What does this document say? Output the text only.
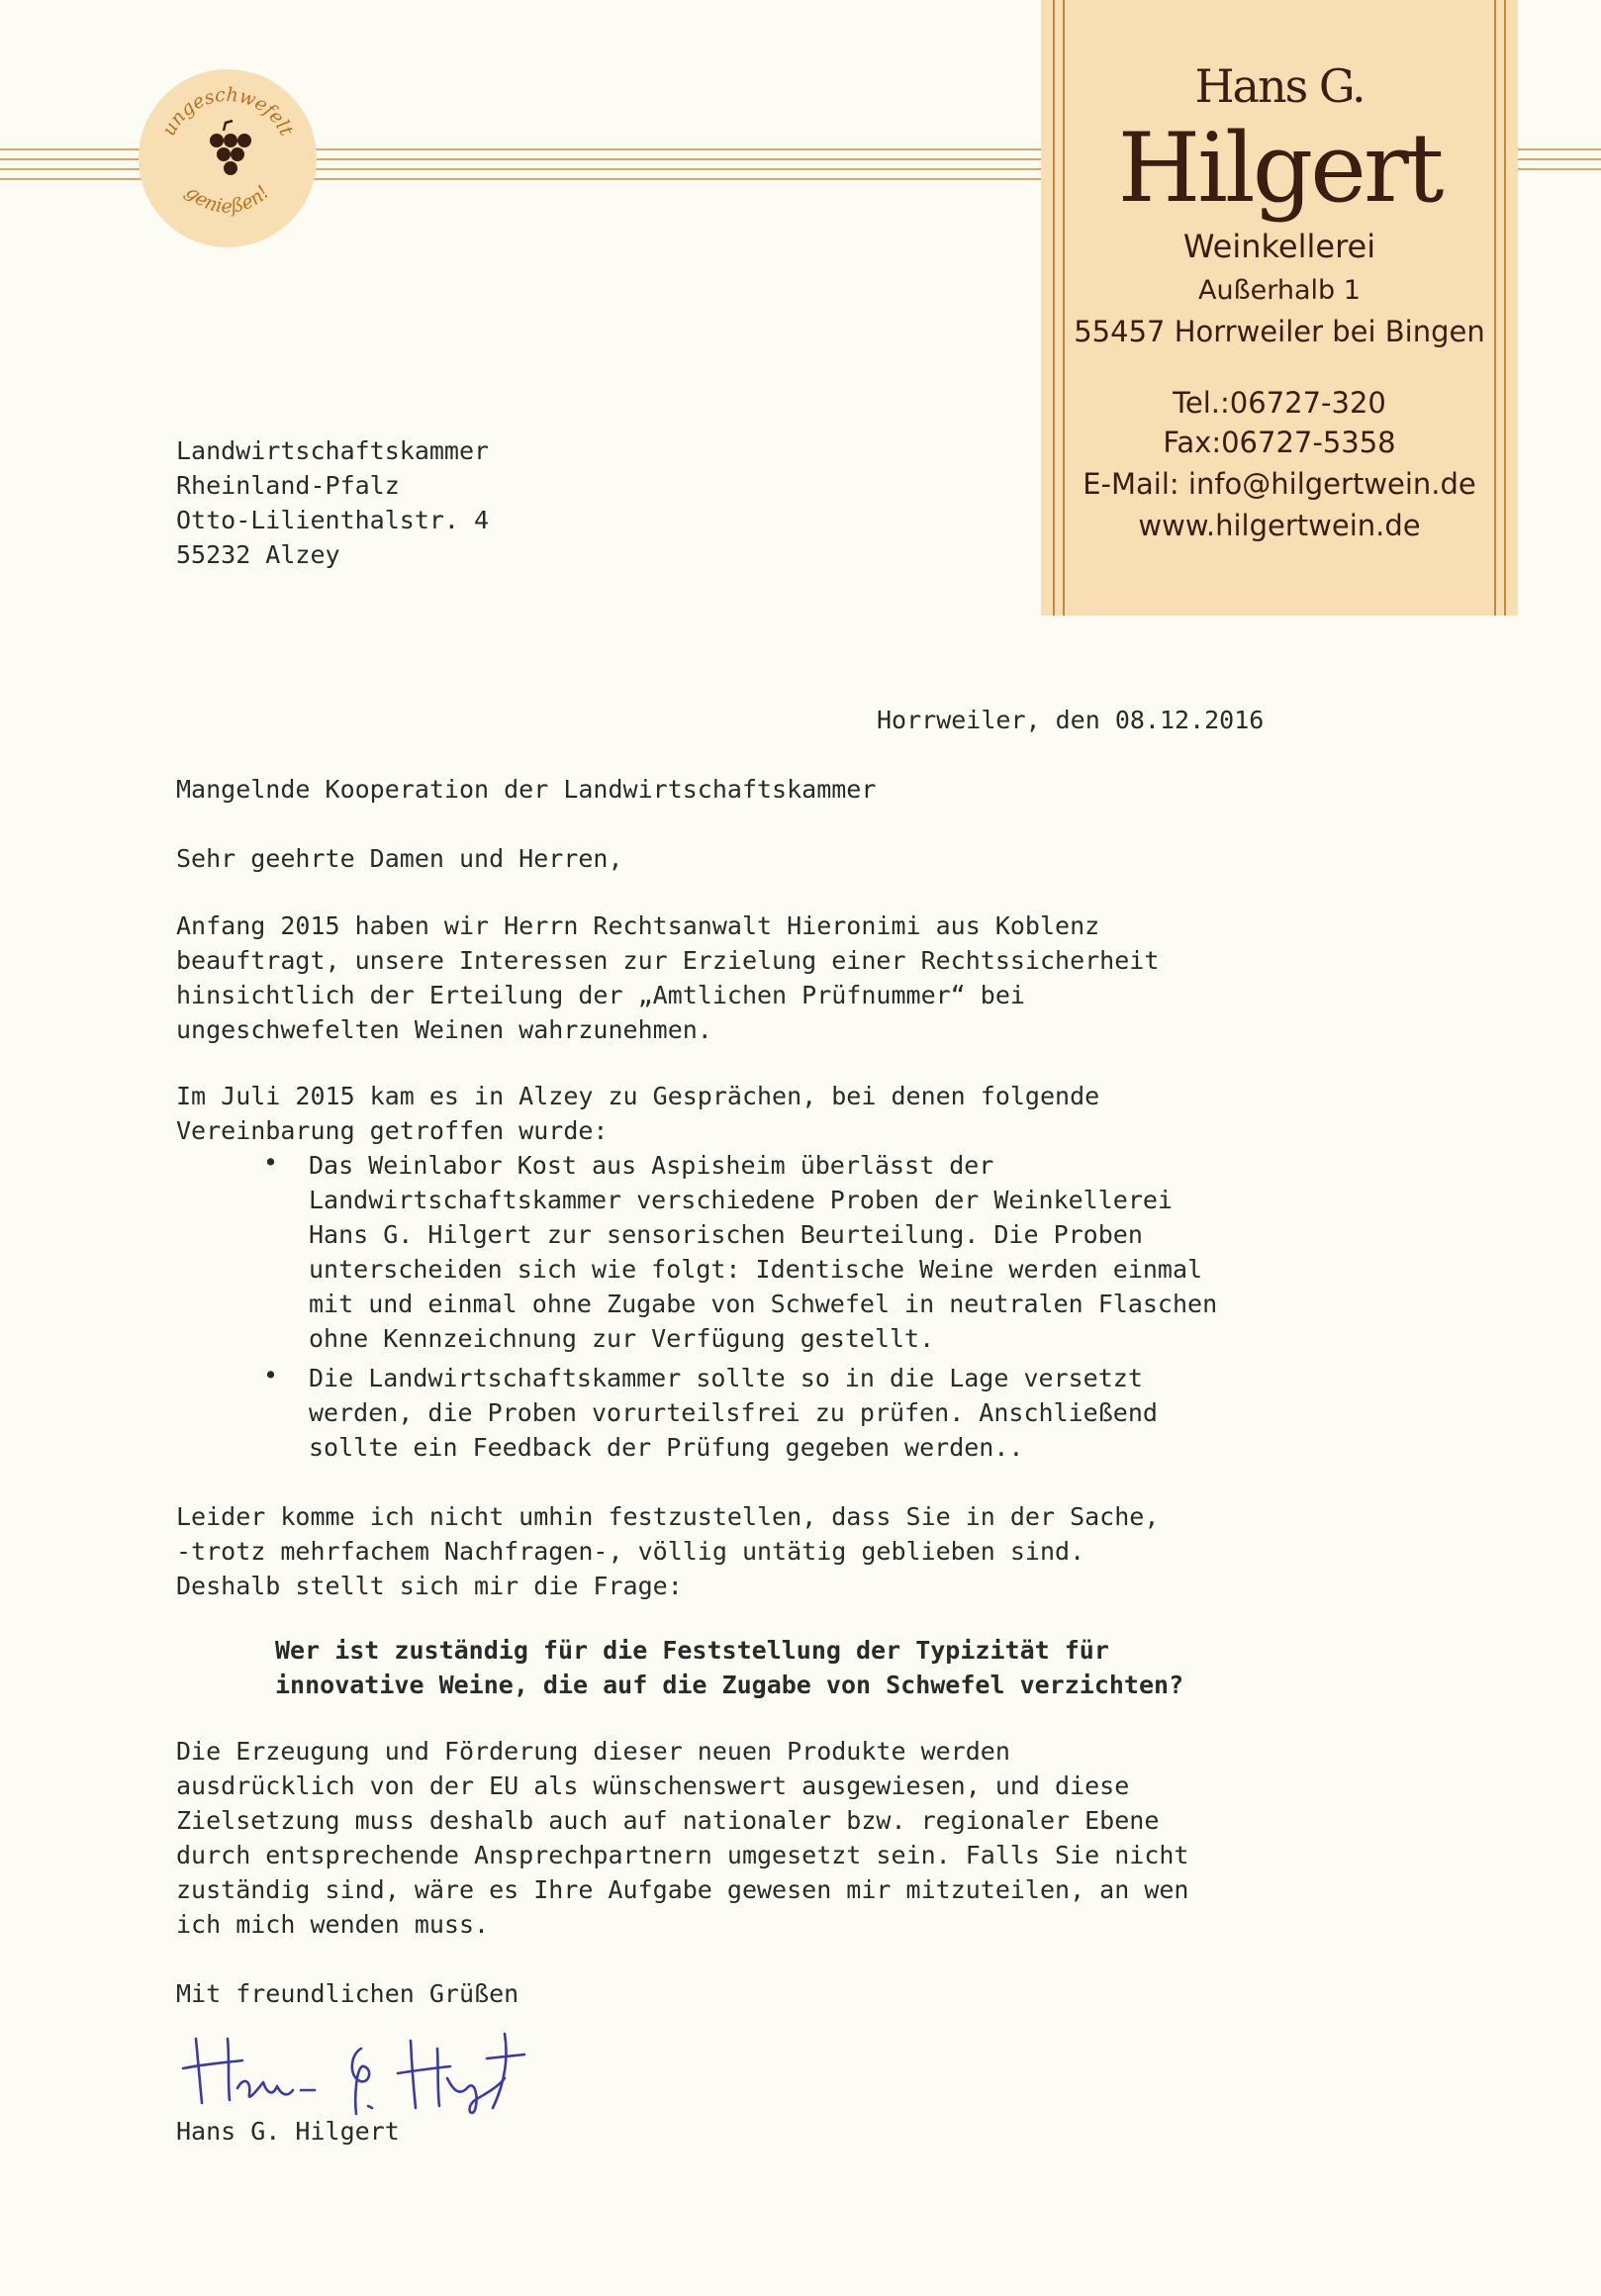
ungeschwefelt
genießen!
Hans G. Hilgert
Weinkellerei
Außerhalb 1
55457 Horrweiler bei Bingen
Tel.:06727-320
Fax:06727-5358
E-Mail: info@hilgertwein.de
www.hilgertwein.de
Landwirtschaftskammer
Rheinland-Pfalz
Otto-Lilienthalstr. 4
55232 Alzey
Horrweiler, den 08.12.2016
Mangelnde Kooperation der Landwirtschaftskammer
Sehr geehrte Damen und Herren,
Anfang 2015 haben wir Herrn Rechtsanwalt Hieronimi aus Koblenz
beauftragt, unsere Interessen zur Erzielung einer Rechtssicherheit
hinsichtlich der Erteilung der „Amtlichen Prüfnummer“ bei
ungeschwefelten Weinen wahrzunehmen.
Im Juli 2015 kam es in Alzey zu Gesprächen, bei denen folgende
Vereinbarung getroffen wurde:
• Das Weinlabor Kost aus Aspisheim überlässt der
Landwirtschaftskammer verschiedene Proben der Weinkellerei
Hans G. Hilgert zur sensorischen Beurteilung. Die Proben
unterscheiden sich wie folgt: Identische Weine werden einmal
mit und einmal ohne Zugabe von Schwefel in neutralen Flaschen
ohne Kennzeichnung zur Verfügung gestellt.
• Die Landwirtschaftskammer sollte so in die Lage versetzt
werden, die Proben vorurteilsfrei zu prüfen. Anschließend
sollte ein Feedback der Prüfung gegeben werden..
Leider komme ich nicht umhin festzustellen, dass Sie in der Sache,
-trotz mehrfachem Nachfragen-, völlig untätig geblieben sind.
Deshalb stellt sich mir die Frage:
Wer ist zuständig für die Feststellung der Typizität für
innovative Weine, die auf die Zugabe von Schwefel verzichten?
Die Erzeugung und Förderung dieser neuen Produkte werden
ausdrücklich von der EU als wünschenswert ausgewiesen, und diese
Zielsetzung muss deshalb auch auf nationaler bzw. regionaler Ebene
durch entsprechende Ansprechpartnern umgesetzt sein. Falls Sie nicht
zuständig sind, wäre es Ihre Aufgabe gewesen mir mitzuteilen, an wen
ich mich wenden muss.
Mit freundlichen Grüßen
Hans G. Hilgert
